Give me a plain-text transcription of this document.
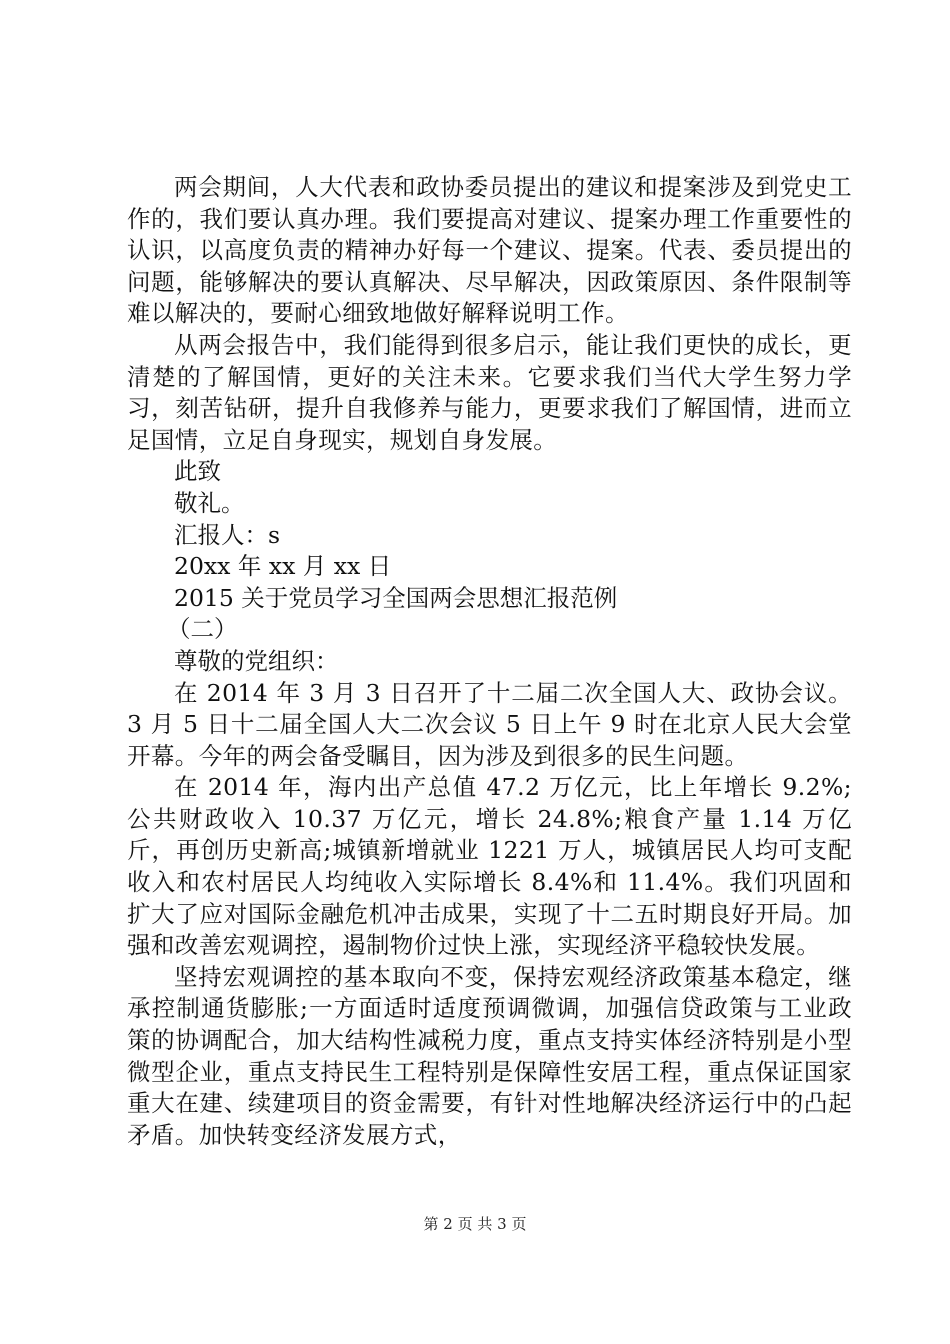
两会期间，人大代表和政协委员提出的建议和提案涉及到党史工作的，我们要认真办理。我们要提高对建议、提案办理工作重要性的认识，以高度负责的精神办好每一个建议、提案。代表、委员提出的问题，能够解决的要认真解决、尽早解决，因政策原因、条件限制等难以解决的，要耐心细致地做好解释说明工作。

从两会报告中，我们能得到很多启示，能让我们更快的成长，更清楚的了解国情，更好的关注未来。它要求我们当代大学生努力学习，刻苦钻研，提升自我修养与能力，更要求我们了解国情，进而立足国情，立足自身现实，规划自身发展。

此致

敬礼。

汇报人：s

20xx 年 xx 月 xx 日

2015 关于党员学习全国两会思想汇报范例

（二）

尊敬的党组织：

在 2014 年 3 月 3 日召开了十二届二次全国人大、政协会议。3 月 5 日十二届全国人大二次会议 5 日上午 9 时在北京人民大会堂开幕。今年的两会备受瞩目，因为涉及到很多的民生问题。

在 2014 年，海内出产总值 47.2 万亿元，比上年增长 9.2%;公共财政收入 10.37 万亿元，增长 24.8%;粮食产量 1.14 万亿斤，再创历史新高;城镇新增就业 1221 万人，城镇居民人均可支配收入和农村居民人均纯收入实际增长 8.4%和 11.4%。我们巩固和扩大了应对国际金融危机冲击成果，实现了十二五时期良好开局。加强和改善宏观调控，遏制物价过快上涨，实现经济平稳较快发展。

坚持宏观调控的基本取向不变，保持宏观经济政策基本稳定，继承控制通货膨胀;一方面适时适度预调微调，加强信贷政策与工业政策的协调配合，加大结构性减税力度，重点支持实体经济特别是小型微型企业，重点支持民生工程特别是保障性安居工程，重点保证国家重大在建、续建项目的资金需要，有针对性地解决经济运行中的凸起矛盾。加快转变经济发展方式，

第 2 页 共 3 页
